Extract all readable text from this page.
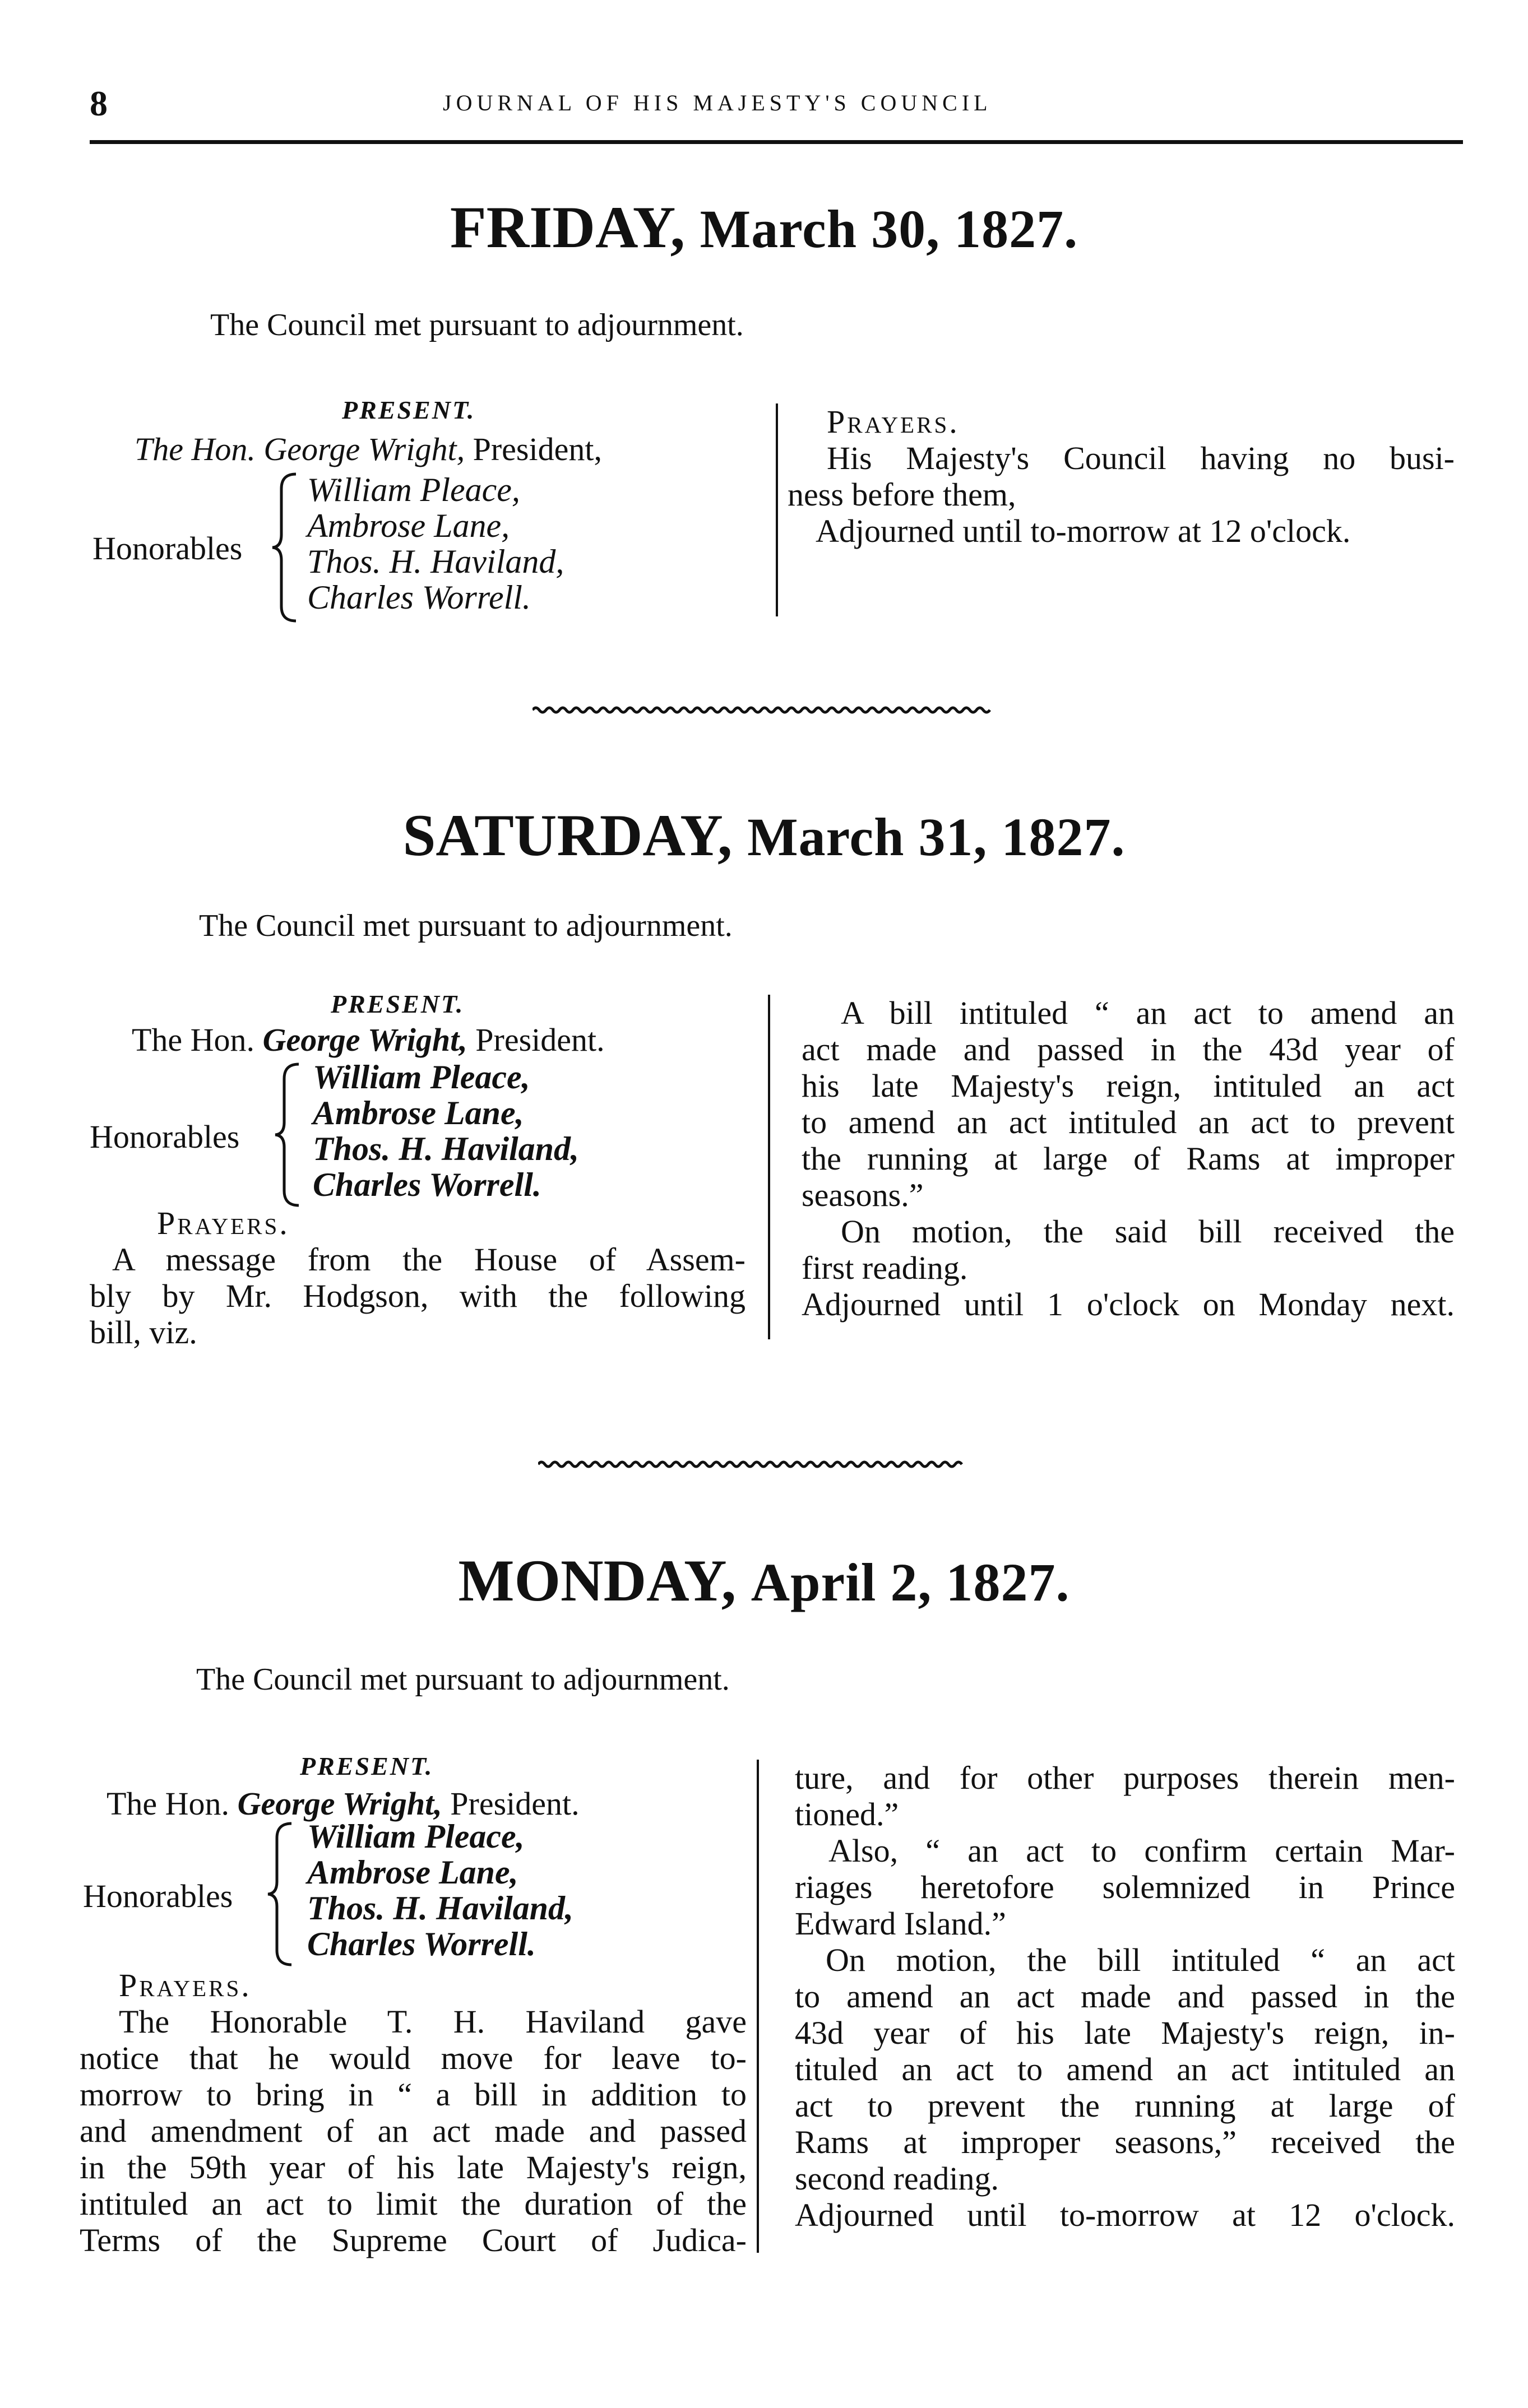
8	JOURNAL OF HIS MAJESTY'S COUNCIL
FRIDAY, March 30, 1827.
The Council met pursuant to adjournment.
PRESENT.
The Hon. George Wright, President,
Honorables
William Pleace,
Ambrose Lane,
Thos. H. Haviland,
Charles Worrell.

Prayers.

His Majesty's Council having no busi-

ness before them,

Adjourned until to-morrow at 12 o'clock.

SATURDAY, March 31, 1827.
The Council met pursuant to adjournment.
PRESENT.
The Hon. George Wright, President.
Honorables
William Pleace,
Ambrose Lane,
Thos. H. Haviland,
Charles Worrell.

Prayers.

A message from the House of Assem-

bly by Mr. Hodgson, with the following

bill, viz.

A bill intituled “ an act to amend an

act made and passed in the 43d year of

his late Majesty's reign, intituled an act

to amend an act intituled an act to prevent

the running at large of Rams at improper

seasons.”

On motion, the said bill received the

first reading.

Adjourned until 1 o'clock on Monday next.

MONDAY, April 2, 1827.
The Council met pursuant to adjournment.
PRESENT.
The Hon. George Wright, President.
Honorables
William Pleace,
Ambrose Lane,
Thos. H. Haviland,
Charles Worrell.

Prayers.

The Honorable T. H. Haviland gave

notice that he would move for leave to-

morrow to bring in “ a bill in addition to

and amendment of an act made and passed

in the 59th year of his late Majesty's reign,

intituled an act to limit the duration of the

Terms of the Supreme Court of Judica-

ture, and for other purposes therein men-

tioned.”

Also, “ an act to confirm certain Mar-

riages heretofore solemnized in Prince

Edward Island.”

On motion, the bill intituled “ an act

to amend an act made and passed in the

43d year of his late Majesty's reign, in-

tituled an act to amend an act intituled an

act to prevent the running at large of

Rams at improper seasons,” received the

second reading.

Adjourned until to-morrow at 12 o'clock.
